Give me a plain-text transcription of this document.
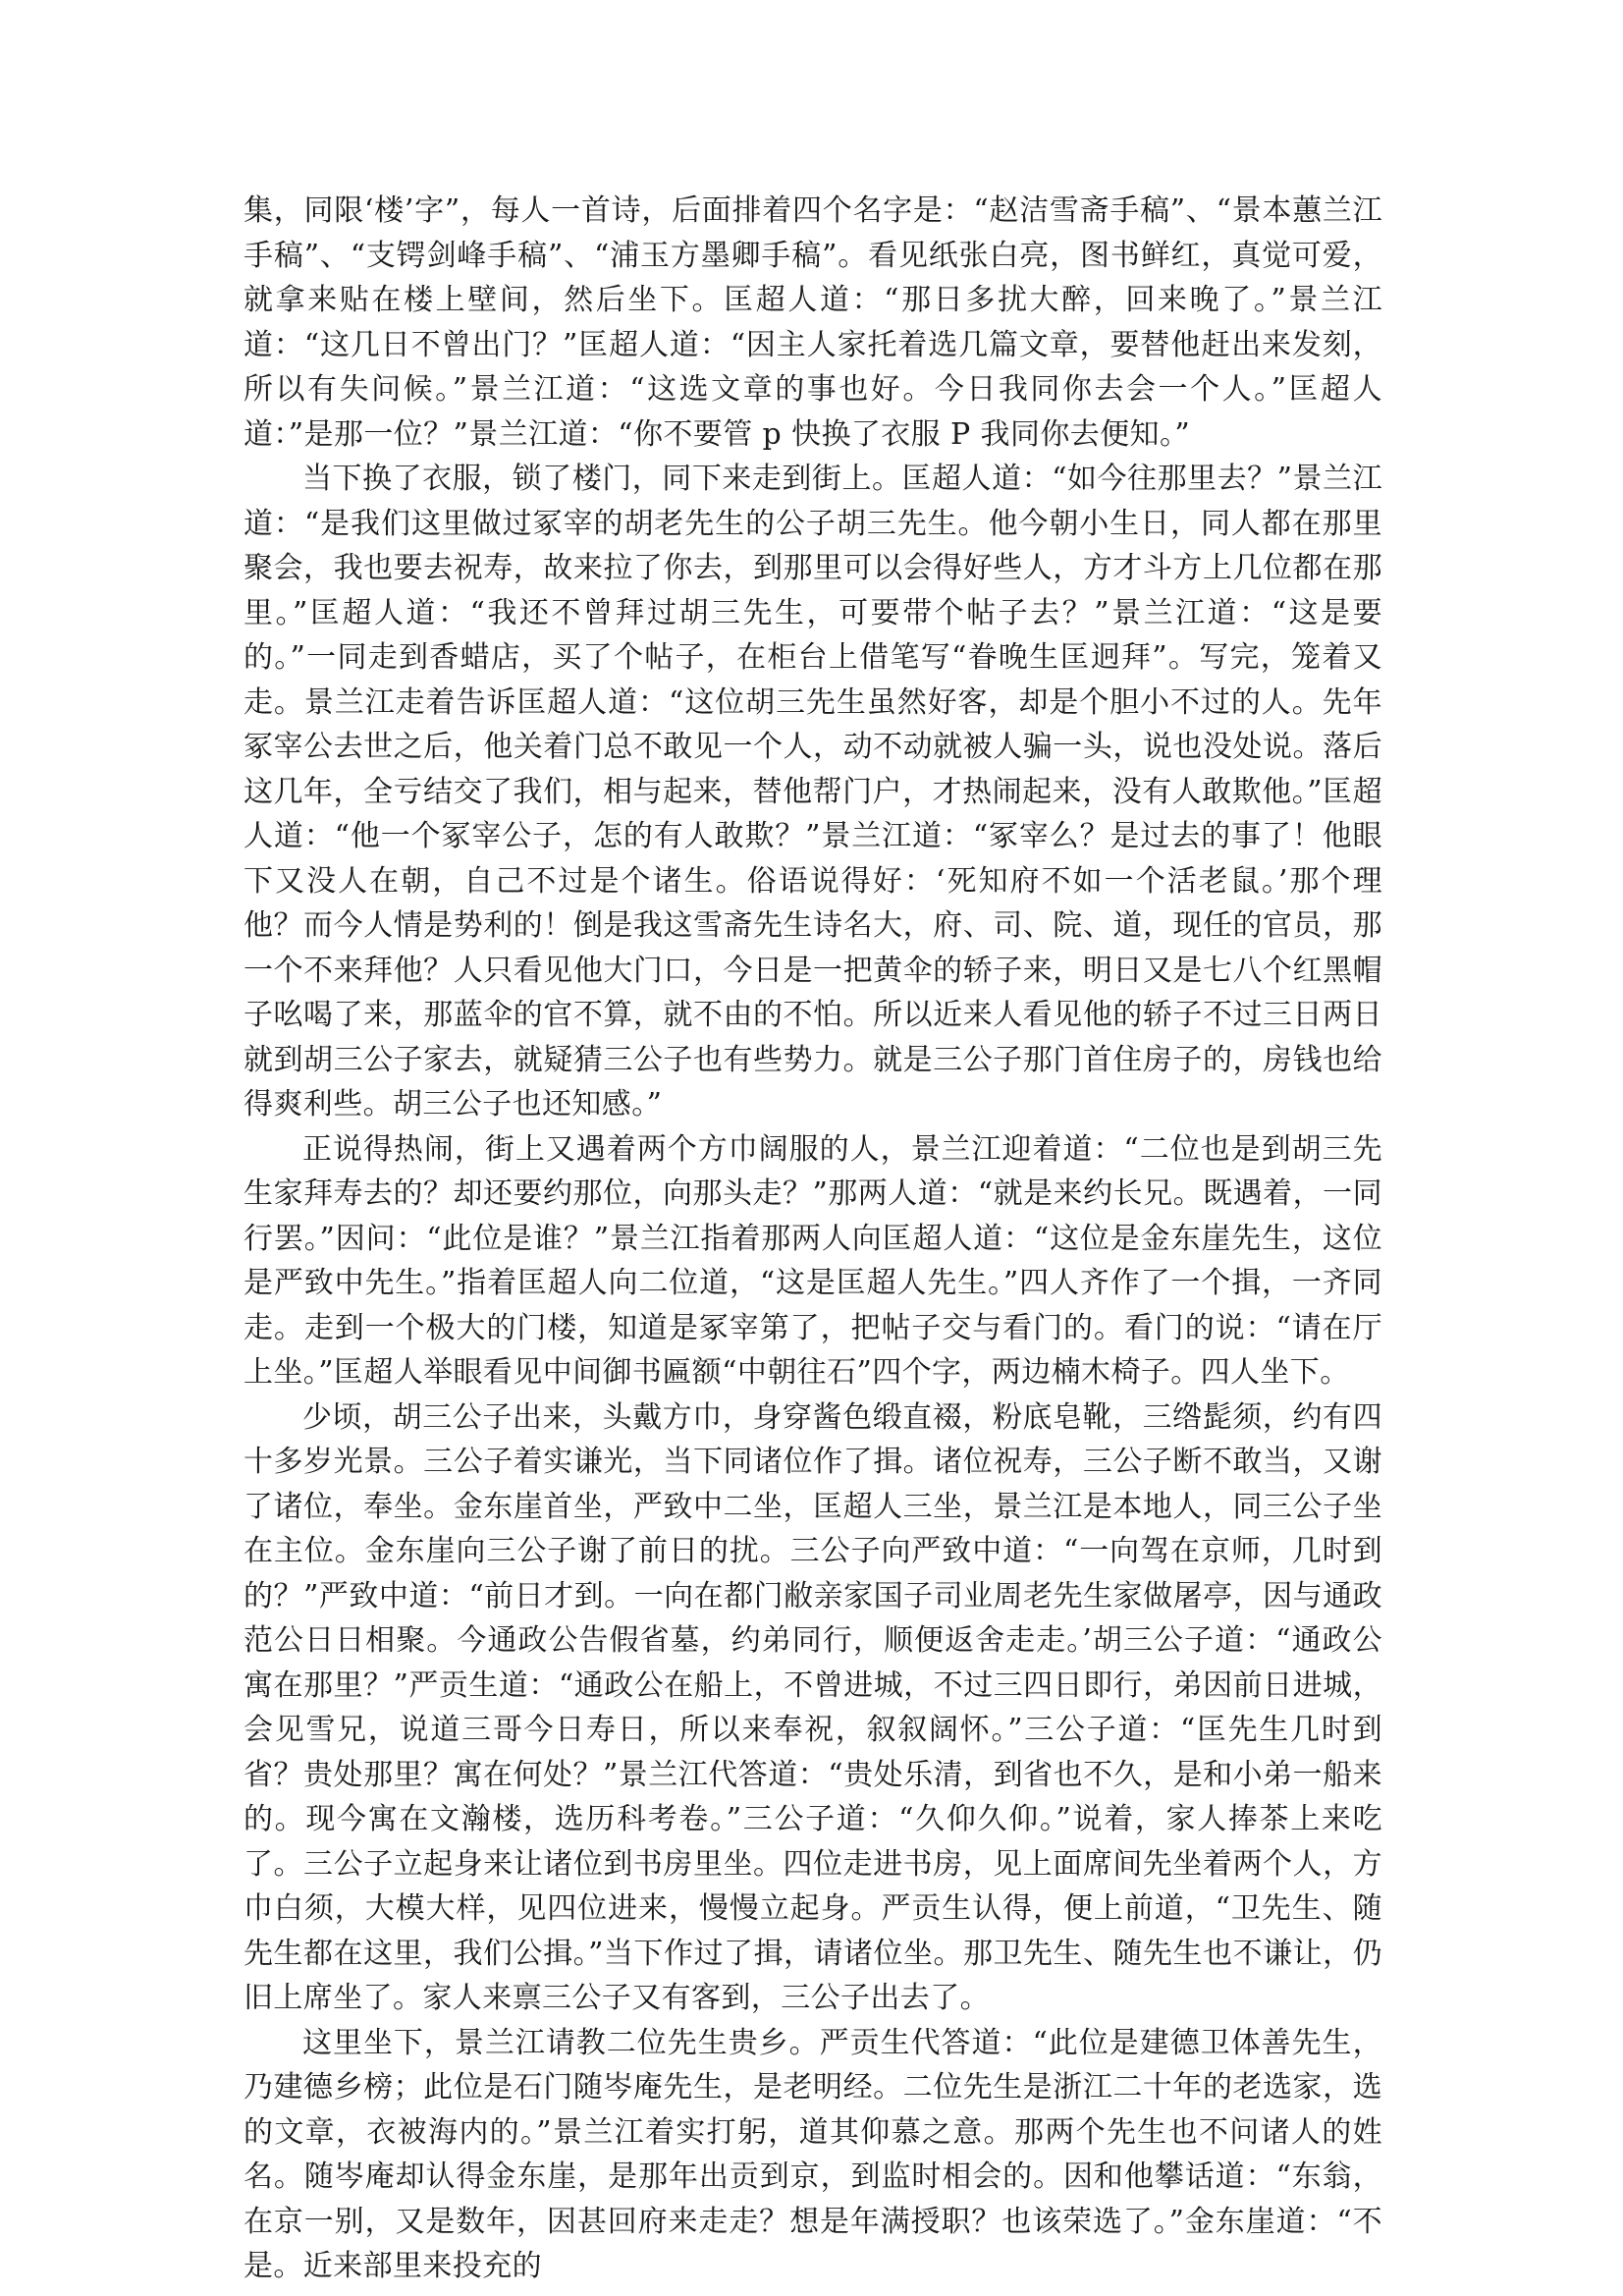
集，同限‘楼’字”，每人一首诗，后面排着四个名字是：“赵洁雪斋手稿”、“景本蕙兰江手稿”、“支锷剑峰手稿”、“浦玉方墨卿手稿”。看见纸张白亮，图书鲜红，真觉可爱，就拿来贴在楼上壁间，然后坐下。匡超人道：“那日多扰大醉，回来晚了。”景兰江道：“这几日不曾出门？”匡超人道：“因主人家托着选几篇文章，要替他赶出来发刻，所以有失问候。”景兰江道：“这选文章的事也好。今日我同你去会一个人。”匡超人道：”是那一位？”景兰江道：“你不要管 p 快换了衣服 P 我同你去便知。”

当下换了衣服，锁了楼门，同下来走到街上。匡超人道：“如今往那里去？”景兰江道：“是我们这里做过冢宰的胡老先生的公子胡三先生。他今朝小生日，同人都在那里聚会，我也要去祝寿，故来拉了你去，到那里可以会得好些人，方才斗方上几位都在那里。”匡超人道：“我还不曾拜过胡三先生，可要带个帖子去？”景兰江道：“这是要的。”一同走到香蜡店，买了个帖子，在柜台上借笔写“眷晚生匡迥拜”。写完，笼着又走。景兰江走着告诉匡超人道：“这位胡三先生虽然好客，却是个胆小不过的人。先年冢宰公去世之后，他关着门总不敢见一个人，动不动就被人骗一头，说也没处说。落后这几年，全亏结交了我们，相与起来，替他帮门户，才热闹起来，没有人敢欺他。”匡超人道：“他一个冢宰公子，怎的有人敢欺？”景兰江道：“冢宰么？是过去的事了！他眼下又没人在朝，自己不过是个诸生。俗语说得好：‘死知府不如一个活老鼠。’那个理他？而今人情是势利的！倒是我这雪斋先生诗名大，府、司、院、道，现任的官员，那一个不来拜他？人只看见他大门口，今日是一把黄伞的轿子来，明日又是七八个红黑帽子吆喝了来，那蓝伞的官不算，就不由的不怕。所以近来人看见他的轿子不过三日两日就到胡三公子家去，就疑猜三公子也有些势力。就是三公子那门首住房子的，房钱也给得爽利些。胡三公子也还知感。”

正说得热闹，街上又遇着两个方巾阔服的人，景兰江迎着道：“二位也是到胡三先生家拜寿去的？却还要约那位，向那头走？”那两人道：“就是来约长兄。既遇着，一同行罢。”因问：“此位是谁？”景兰江指着那两人向匡超人道：“这位是金东崖先生，这位是严致中先生。”指着匡超人向二位道，“这是匡超人先生。”四人齐作了一个揖，一齐同走。走到一个极大的门楼，知道是冢宰第了，把帖子交与看门的。看门的说：“请在厅上坐。”匡超人举眼看见中间御书匾额“中朝往石”四个字，两边楠木椅子。四人坐下。

少顷，胡三公子出来，头戴方巾，身穿酱色缎直裰，粉底皂靴，三绺髭须，约有四十多岁光景。三公子着实谦光，当下同诸位作了揖。诸位祝寿，三公子断不敢当，又谢了诸位，奉坐。金东崖首坐，严致中二坐，匡超人三坐，景兰江是本地人，同三公子坐在主位。金东崖向三公子谢了前日的扰。三公子向严致中道：“一向驾在京师，几时到的？”严致中道：“前日才到。一向在都门敝亲家国子司业周老先生家做屠亭，因与通政范公日日相聚。今通政公告假省墓，约弟同行，顺便返舍走走。’胡三公子道：“通政公寓在那里？”严贡生道：“通政公在船上，不曾进城，不过三四日即行，弟因前日进城，会见雪兄，说道三哥今日寿日，所以来奉祝，叙叙阔怀。”三公子道：“匡先生几时到省？贵处那里？寓在何处？”景兰江代答道：“贵处乐清，到省也不久，是和小弟一船来的。现今寓在文瀚楼，选历科考卷。”三公子道：“久仰久仰。”说着，家人捧茶上来吃了。三公子立起身来让诸位到书房里坐。四位走进书房，见上面席间先坐着两个人，方巾白须，大模大样，见四位进来，慢慢立起身。严贡生认得，便上前道，“卫先生、随先生都在这里，我们公揖。”当下作过了揖，请诸位坐。那卫先生、随先生也不谦让，仍旧上席坐了。家人来禀三公子又有客到，三公子出去了。

这里坐下，景兰江请教二位先生贵乡。严贡生代答道：“此位是建德卫体善先生，乃建德乡榜；此位是石门随岑庵先生，是老明经。二位先生是浙江二十年的老选家，选的文章，衣被海内的。”景兰江着实打躬，道其仰慕之意。那两个先生也不问诸人的姓名。随岑庵却认得金东崖，是那年出贡到京，到监时相会的。因和他攀话道：“东翁，在京一别，又是数年，因甚回府来走走？想是年满授职？也该荣选了。”金东崖道：“不是。近来部里来投充的
